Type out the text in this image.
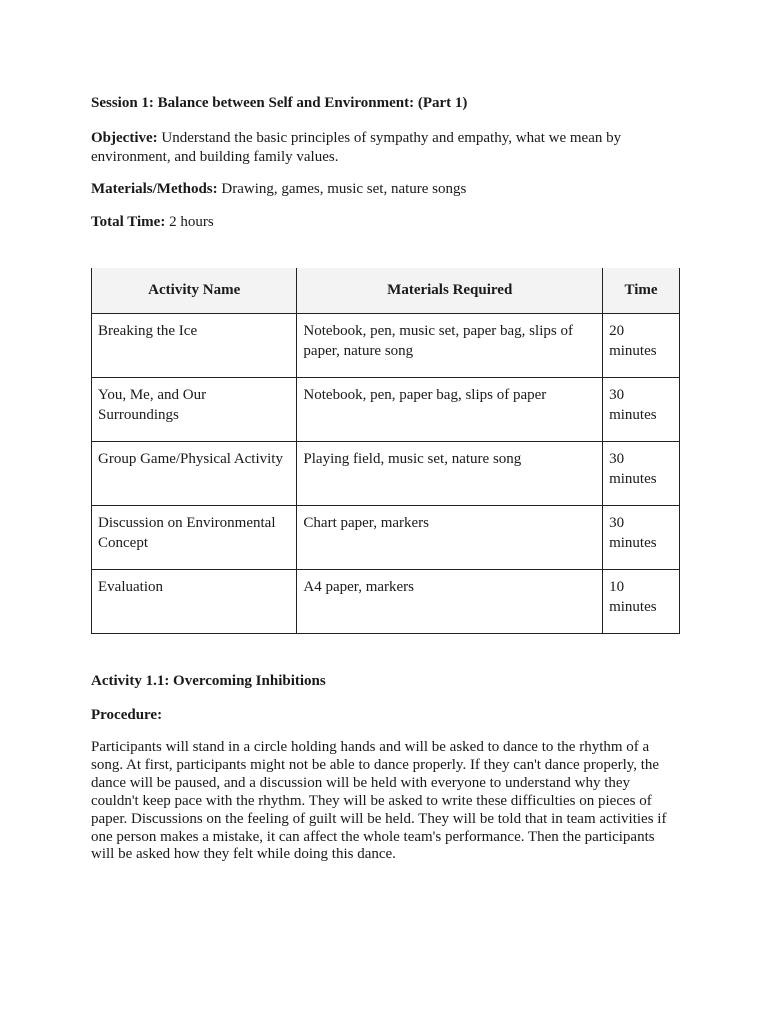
Session 1: Balance between Self and Environment: (Part 1)
Objective: Understand the basic principles of sympathy and empathy, what we mean by environment, and building family values.
Materials/Methods: Drawing, games, music set, nature songs
Total Time: 2 hours
Activity Name	Materials Required	Time
Breaking the Ice	Notebook, pen, music set, paper bag, slips of paper, nature song	20 minutes
You, Me, and Our Surroundings	Notebook, pen, paper bag, slips of paper	30 minutes
Group Game/Physical Activity	Playing field, music set, nature song	30 minutes
Discussion on Environmental Concept	Chart paper, markers	30 minutes
Evaluation	A4 paper, markers	10 minutes
Activity 1.1: Overcoming Inhibitions
Procedure:
Participants will stand in a circle holding hands and will be asked to dance to the rhythm of a song. At first, participants might not be able to dance properly. If they can't dance properly, the dance will be paused, and a discussion will be held with everyone to understand why they couldn't keep pace with the rhythm. They will be asked to write these difficulties on pieces of paper. Discussions on the feeling of guilt will be held. They will be told that in team activities if one person makes a mistake, it can affect the whole team's performance. Then the participants will be asked how they felt while doing this dance.
